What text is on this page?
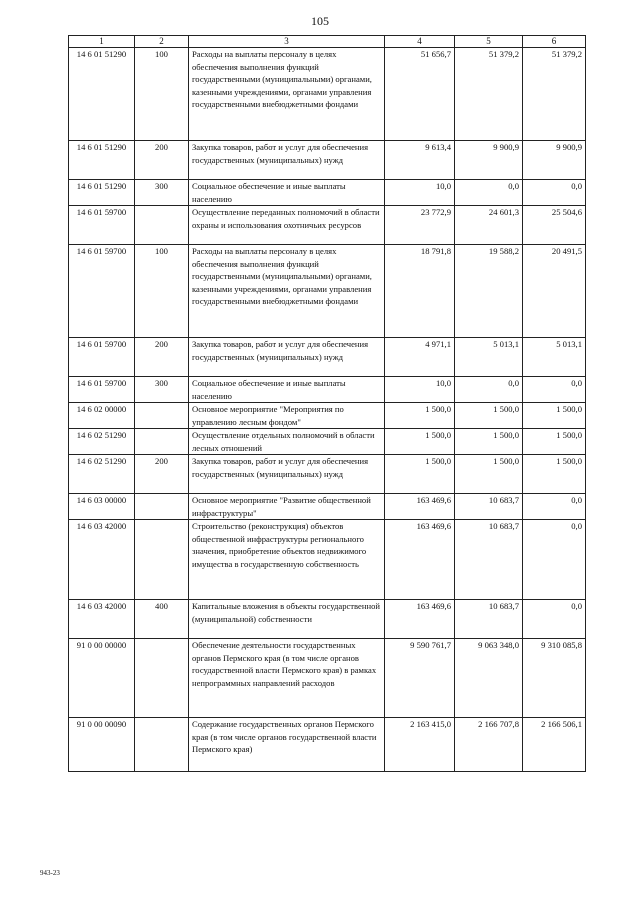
105
1	2	3	4	5	6
14 6 01 51290	100	Расходы на выплаты персоналу в целях обеспечения выполнения функций государственными (муниципальными) органами, казенными учреждениями, органами управления государственными внебюджетными фондами	51 656,7	51 379,2	51 379,2
14 6 01 51290	200	Закупка товаров, работ и услуг для обеспечения государственных (муниципальных) нужд	9 613,4	9 900,9	9 900,9
14 6 01 51290	300	Социальное обеспечение и иные выплаты населению	10,0	0,0	0,0
14 6 01 59700		Осуществление переданных полномочий в области охраны и использования охотничьих ресурсов	23 772,9	24 601,3	25 504,6
14 6 01 59700	100	Расходы на выплаты персоналу в целях обеспечения выполнения функций государственными (муниципальными) органами, казенными учреждениями, органами управления государственными внебюджетными фондами	18 791,8	19 588,2	20 491,5
14 6 01 59700	200	Закупка товаров, работ и услуг для обеспечения государственных (муниципальных) нужд	4 971,1	5 013,1	5 013,1
14 6 01 59700	300	Социальное обеспечение и иные выплаты населению	10,0	0,0	0,0
14 6 02 00000		Основное мероприятие "Мероприятия по управлению лесным фондом"	1 500,0	1 500,0	1 500,0
14 6 02 51290		Осуществление отдельных полномочий в области лесных отношений	1 500,0	1 500,0	1 500,0
14 6 02 51290	200	Закупка товаров, работ и услуг для обеспечения государственных (муниципальных) нужд	1 500,0	1 500,0	1 500,0
14 6 03 00000		Основное мероприятие "Развитие общественной инфраструктуры"	163 469,6	10 683,7	0,0
14 6 03 42000		Строительство (реконструкция) объектов общественной инфраструктуры регионального значения, приобретение объектов недвижимого имущества в государственную собственность	163 469,6	10 683,7	0,0
14 6 03 42000	400	Капитальные вложения в объекты государственной (муниципальной) собственности	163 469,6	10 683,7	0,0
91 0 00 00000		Обеспечение деятельности государственных органов Пермского края (в том числе органов государственной власти Пермского края) в рамках непрограммных направлений расходов	9 590 761,7	9 063 348,0	9 310 085,8
91 0 00 00090		Содержание государственных органов Пермского края (в том числе органов государственной власти Пермского края)	2 163 415,0	2 166 707,8	2 166 506,1
943-23
